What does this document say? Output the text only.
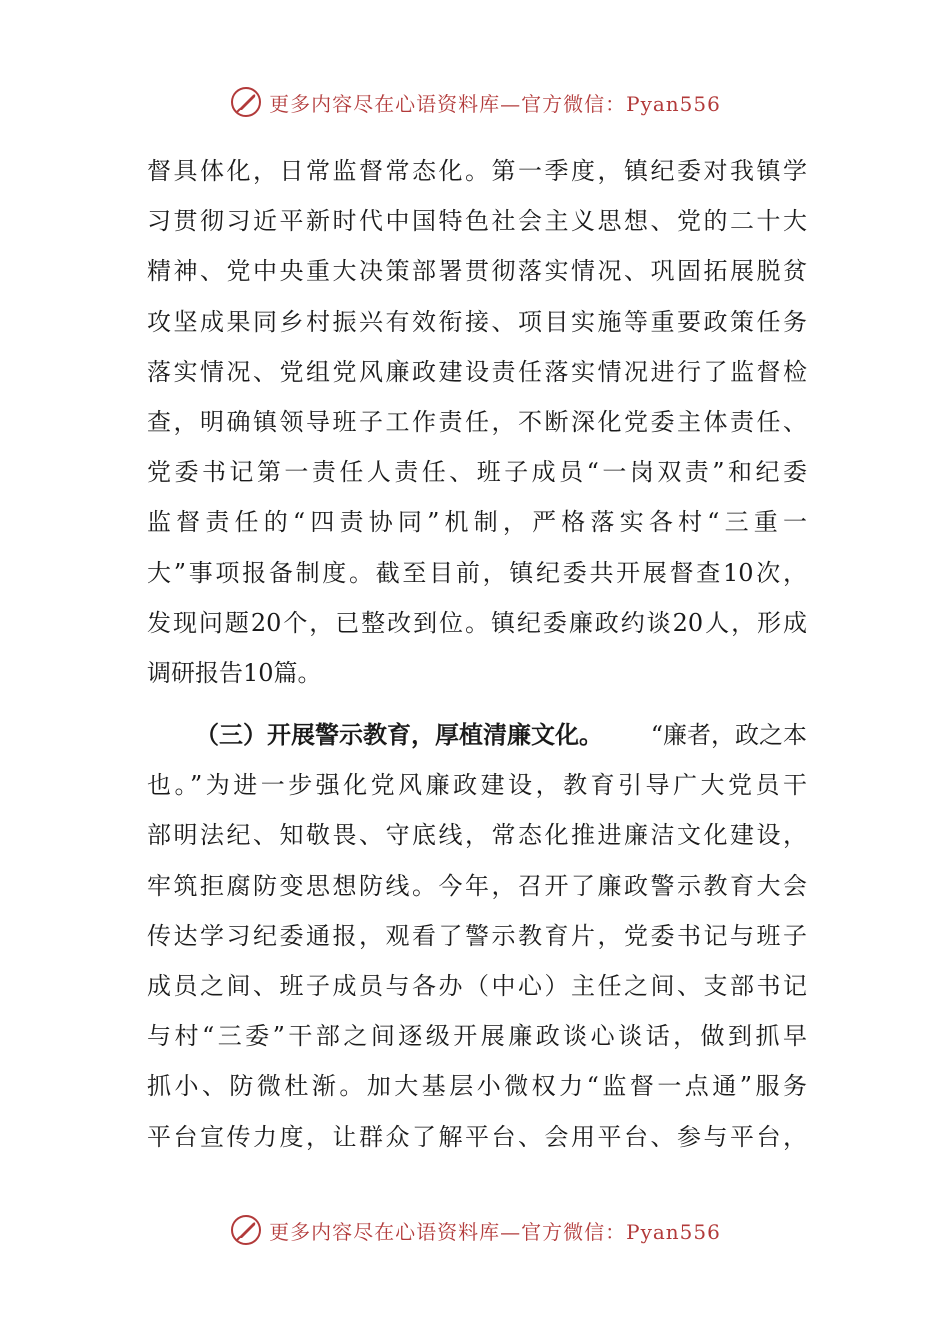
更多内容尽在心语资料库—官方微信：Pyan556
督具体化，日常监督常态化。第一季度，镇纪委对我镇学
习贯彻习近平新时代中国特色社会主义思想、党的二十大
精神、党中央重大决策部署贯彻落实情况、巩固拓展脱贫
攻坚成果同乡村振兴有效衔接、项目实施等重要政策任务
落实情况、党组党风廉政建设责任落实情况进行了监督检
查，明确镇领导班子工作责任，不断深化党委主体责任、
党委书记第一责任人责任、班子成员“一岗双责”和纪委
监督责任的“四责协同”机制，严格落实各村“三重一
大”事项报备制度。截至目前，镇纪委共开展督查10次，
发现问题20个，已整改到位。镇纪委廉政约谈20人，形成
调研报告10篇。
（三）开展警示教育，厚植清廉文化。 “廉者，政之本
也。”为进一步强化党风廉政建设，教育引导广大党员干
部明法纪、知敬畏、守底线，常态化推进廉洁文化建设，
牢筑拒腐防变思想防线。今年，召开了廉政警示教育大会
传达学习纪委通报，观看了警示教育片，党委书记与班子
成员之间、班子成员与各办（中心）主任之间、支部书记
与村“三委”干部之间逐级开展廉政谈心谈话，做到抓早
抓小、防微杜渐。加大基层小微权力“监督一点通”服务
平台宣传力度，让群众了解平台、会用平台、参与平台，
更多内容尽在心语资料库—官方微信：Pyan556
